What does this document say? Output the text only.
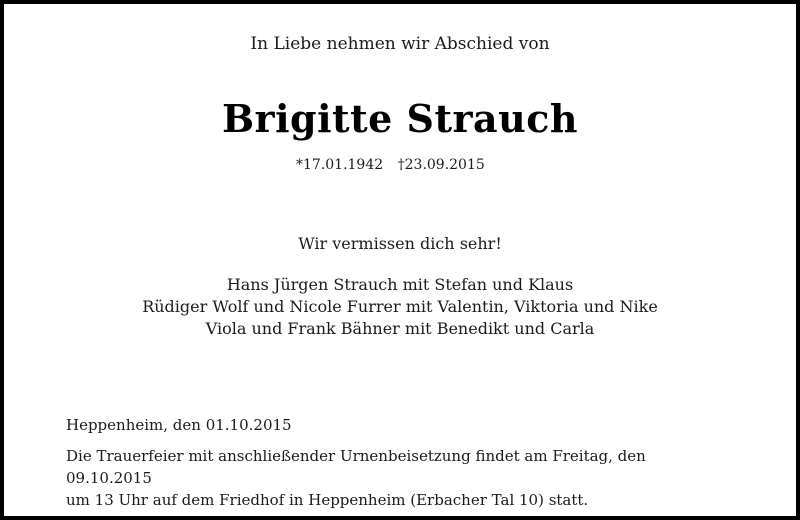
In Liebe nehmen wir Abschied von
Brigitte Strauch
*17.01.1942 †23.09.2015
Wir vermissen dich sehr!
Hans Jürgen Strauch mit Stefan und Klaus
Rüdiger Wolf und Nicole Furrer mit Valentin, Viktoria und Nike
Viola und Frank Bähner mit Benedikt und Carla
Heppenheim, den 01.10.2015
Die Trauerfeier mit anschließender Urnenbeisetzung findet am Freitag, den 09.10.2015
um 13 Uhr auf dem Friedhof in Heppenheim (Erbacher Tal 10) statt.
